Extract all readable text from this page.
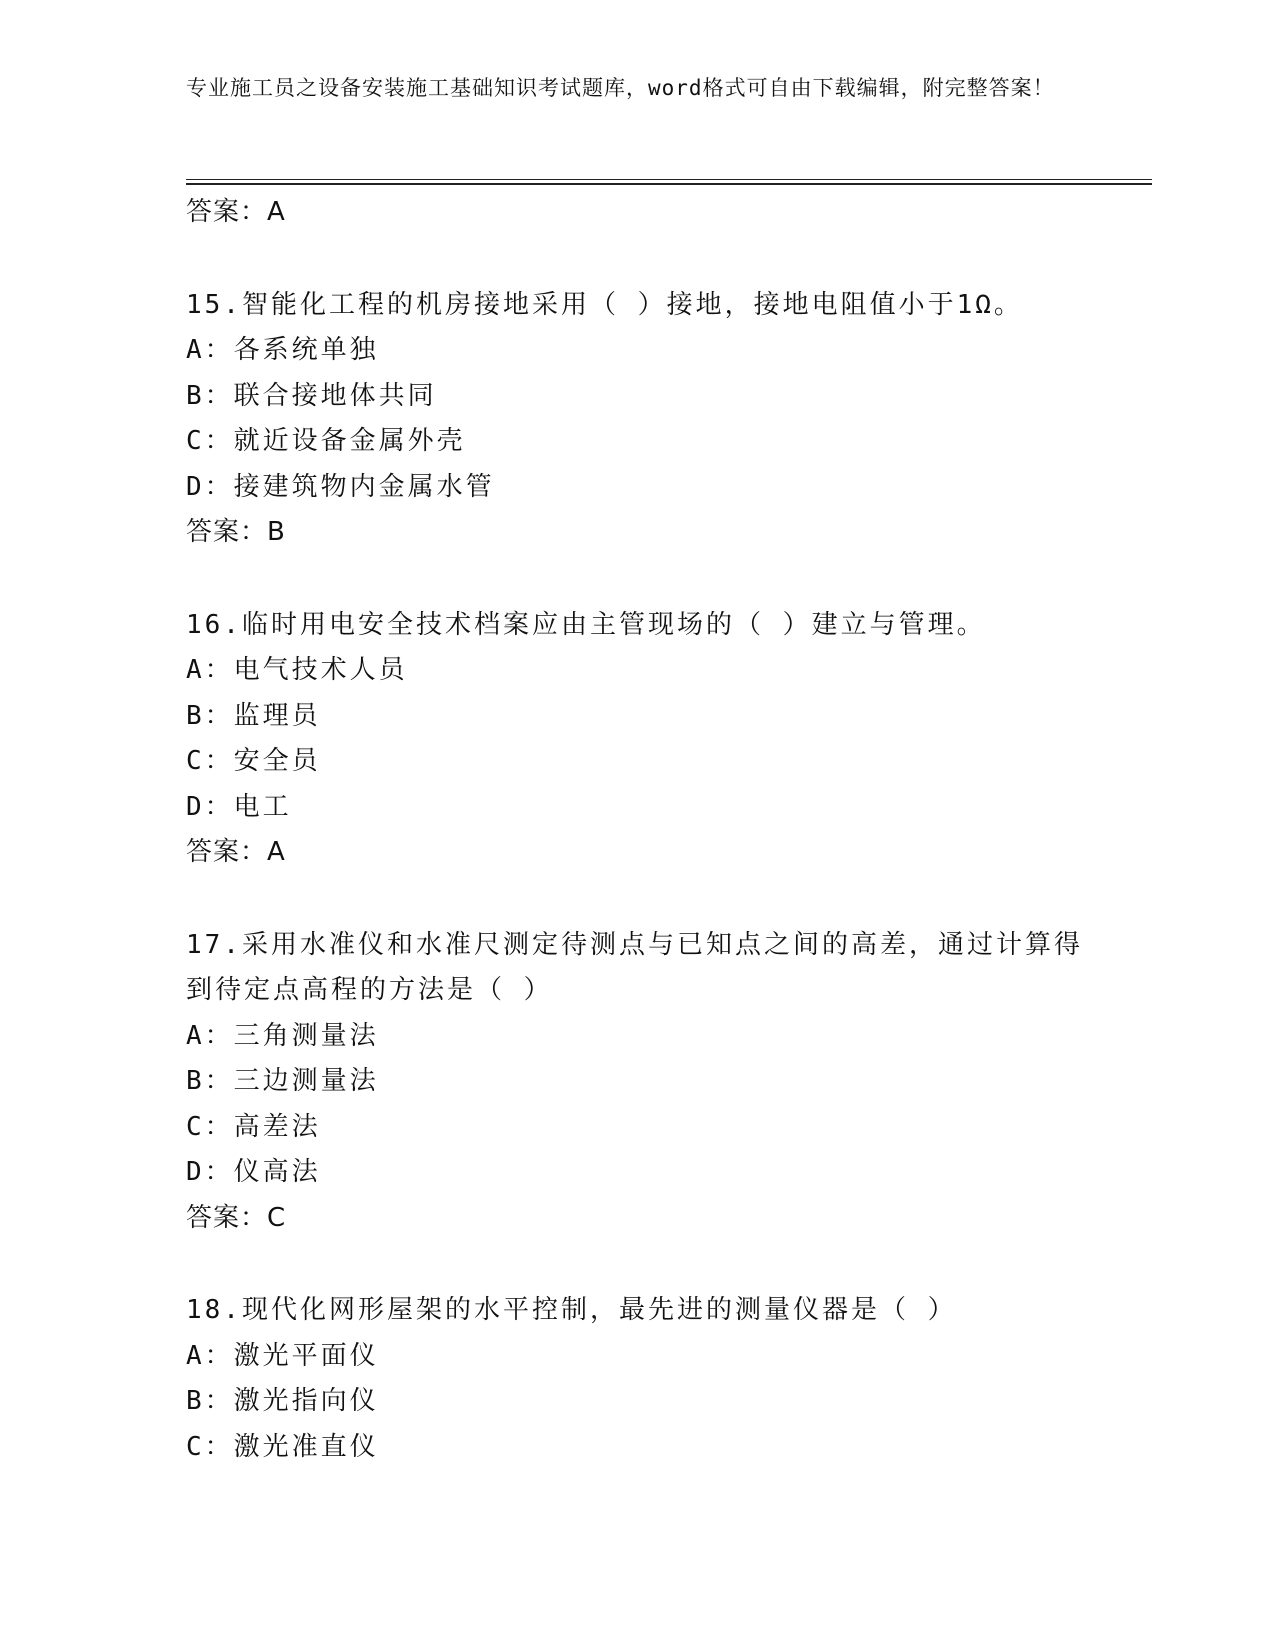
专业施工员之设备安装施工基础知识考试题库，word格式可自由下载编辑，附完整答案！
答案：A
15.智能化工程的机房接地采用（ ）接地，接地电阻值小于1Ω。
A：各系统单独
B：联合接地体共同
C：就近设备金属外壳
D：接建筑物内金属水管
答案：B
16.临时用电安全技术档案应由主管现场的（ ）建立与管理。
A：电气技术人员
B：监理员
C：安全员
D：电工
答案：A
17.采用水准仪和水准尺测定待测点与已知点之间的高差，通过计算得
到待定点高程的方法是（ ）
A：三角测量法
B：三边测量法
C：高差法
D：仪高法
答案：C
18.现代化网形屋架的水平控制，最先进的测量仪器是（ ）
A：激光平面仪
B：激光指向仪
C：激光准直仪
